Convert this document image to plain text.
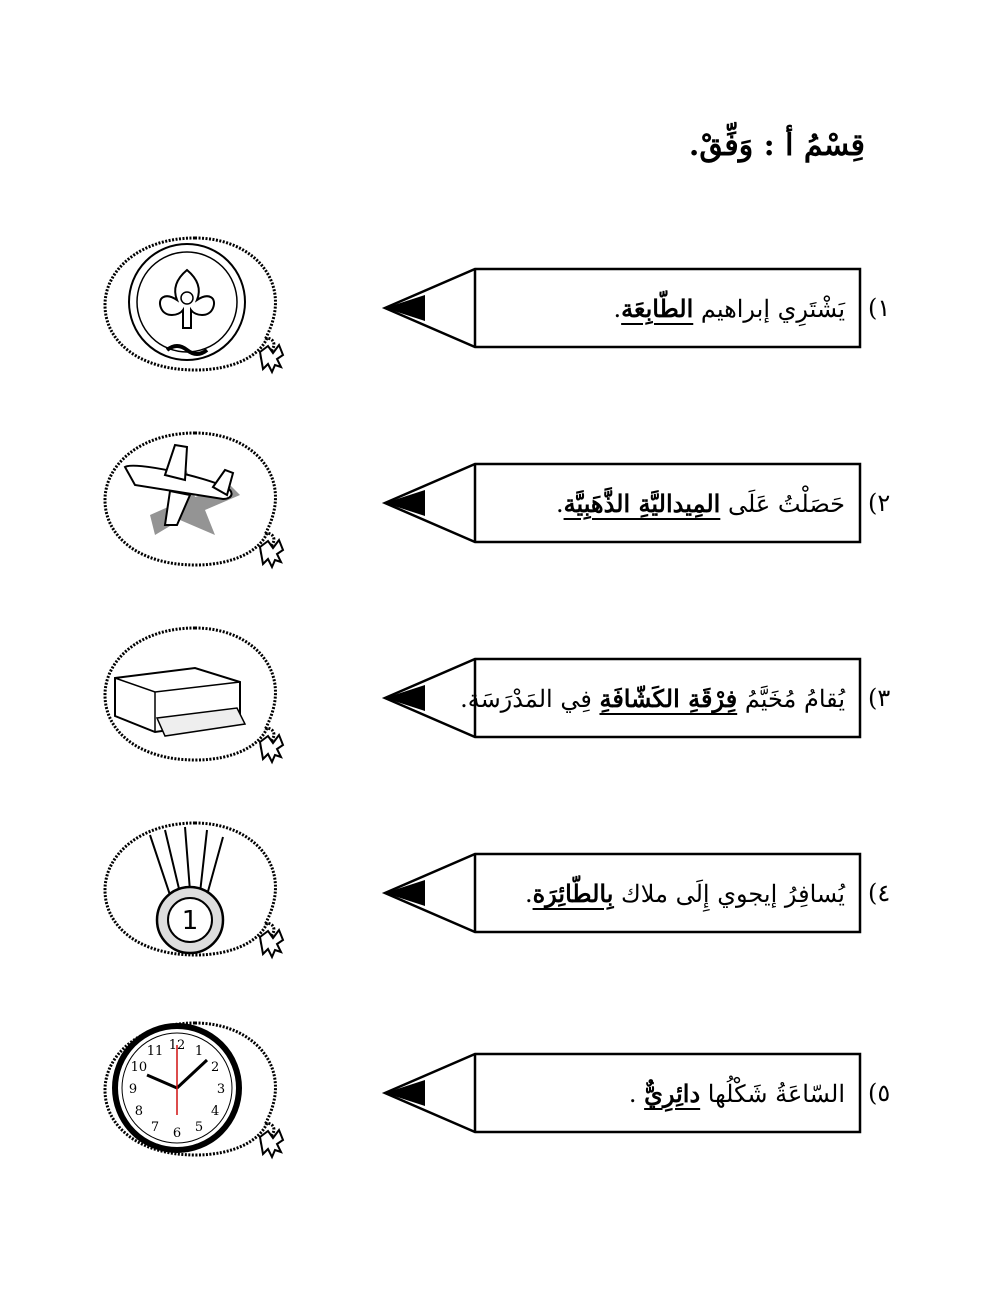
قِسْمُ أ : وَفِّقْ.
يَشْتَرِي إبراهيم الطّابِعَة.	١)
حَصَلْتُ عَلَى المِيداليَّةِ الذَّهَبِيَّة.	٢)
يُقامُ مُخَيَّمُ فِرْقَةِ الكَشّافَةِ فِي المَدْرَسَة.	٣)
1
يُسافِرُ إيجوي إِلَى ملاك بِالطّائِرَة.	٤)
12 1
2
3
4
5
6
7
8
9
10
11
السّاعَةُ شَكْلُها دائِرِيٌّ .	٥)
